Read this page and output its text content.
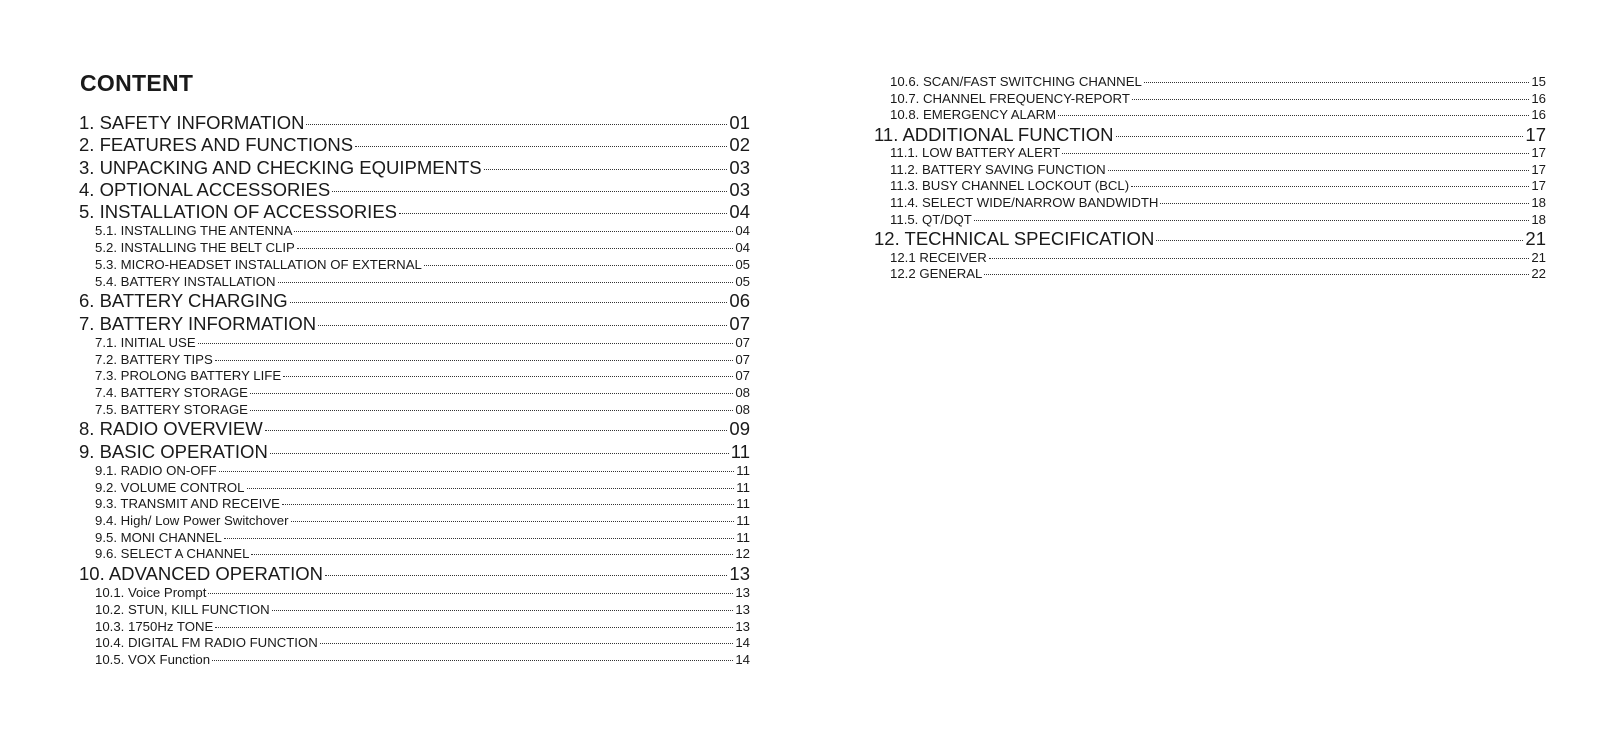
CONTENT
1. SAFETY INFORMATION	01
2. FEATURES AND FUNCTIONS	02
3. UNPACKING AND CHECKING EQUIPMENTS	03
4. OPTIONAL ACCESSORIES	03
5. INSTALLATION OF ACCESSORIES	04
5.1. INSTALLING THE ANTENNA	04
5.2. INSTALLING THE BELT CLIP	04
5.3. MICRO-HEADSET INSTALLATION OF EXTERNAL	05
5.4. BATTERY INSTALLATION	05
6. BATTERY CHARGING	06
7. BATTERY INFORMATION	07
7.1. INITIAL USE	07
7.2. BATTERY TIPS	07
7.3. PROLONG BATTERY LIFE	07
7.4. BATTERY STORAGE	08
7.5. BATTERY STORAGE	08
8. RADIO OVERVIEW	09
9. BASIC OPERATION	11
9.1. RADIO ON-OFF	11
9.2. VOLUME CONTROL	11
9.3. TRANSMIT AND RECEIVE	11
9.4. High/ Low Power Switchover	11
9.5. MONI CHANNEL	11
9.6. SELECT A CHANNEL	12
10. ADVANCED OPERATION	13
10.1. Voice Prompt	13
10.2. STUN, KILL FUNCTION	13
10.3. 1750Hz TONE	13
10.4. DIGITAL FM RADIO FUNCTION	14
10.5. VOX Function	14
10.6. SCAN/FAST SWITCHING CHANNEL	15
10.7. CHANNEL FREQUENCY-REPORT	16
10.8. EMERGENCY ALARM	16
11. ADDITIONAL FUNCTION	17
11.1. LOW BATTERY ALERT	17
11.2. BATTERY SAVING FUNCTION	17
11.3. BUSY CHANNEL LOCKOUT (BCL)	17
11.4. SELECT WIDE/NARROW BANDWIDTH	18
11.5. QT/DQT	18
12. TECHNICAL SPECIFICATION	21
12.1 RECEIVER	21
12.2 GENERAL	22
